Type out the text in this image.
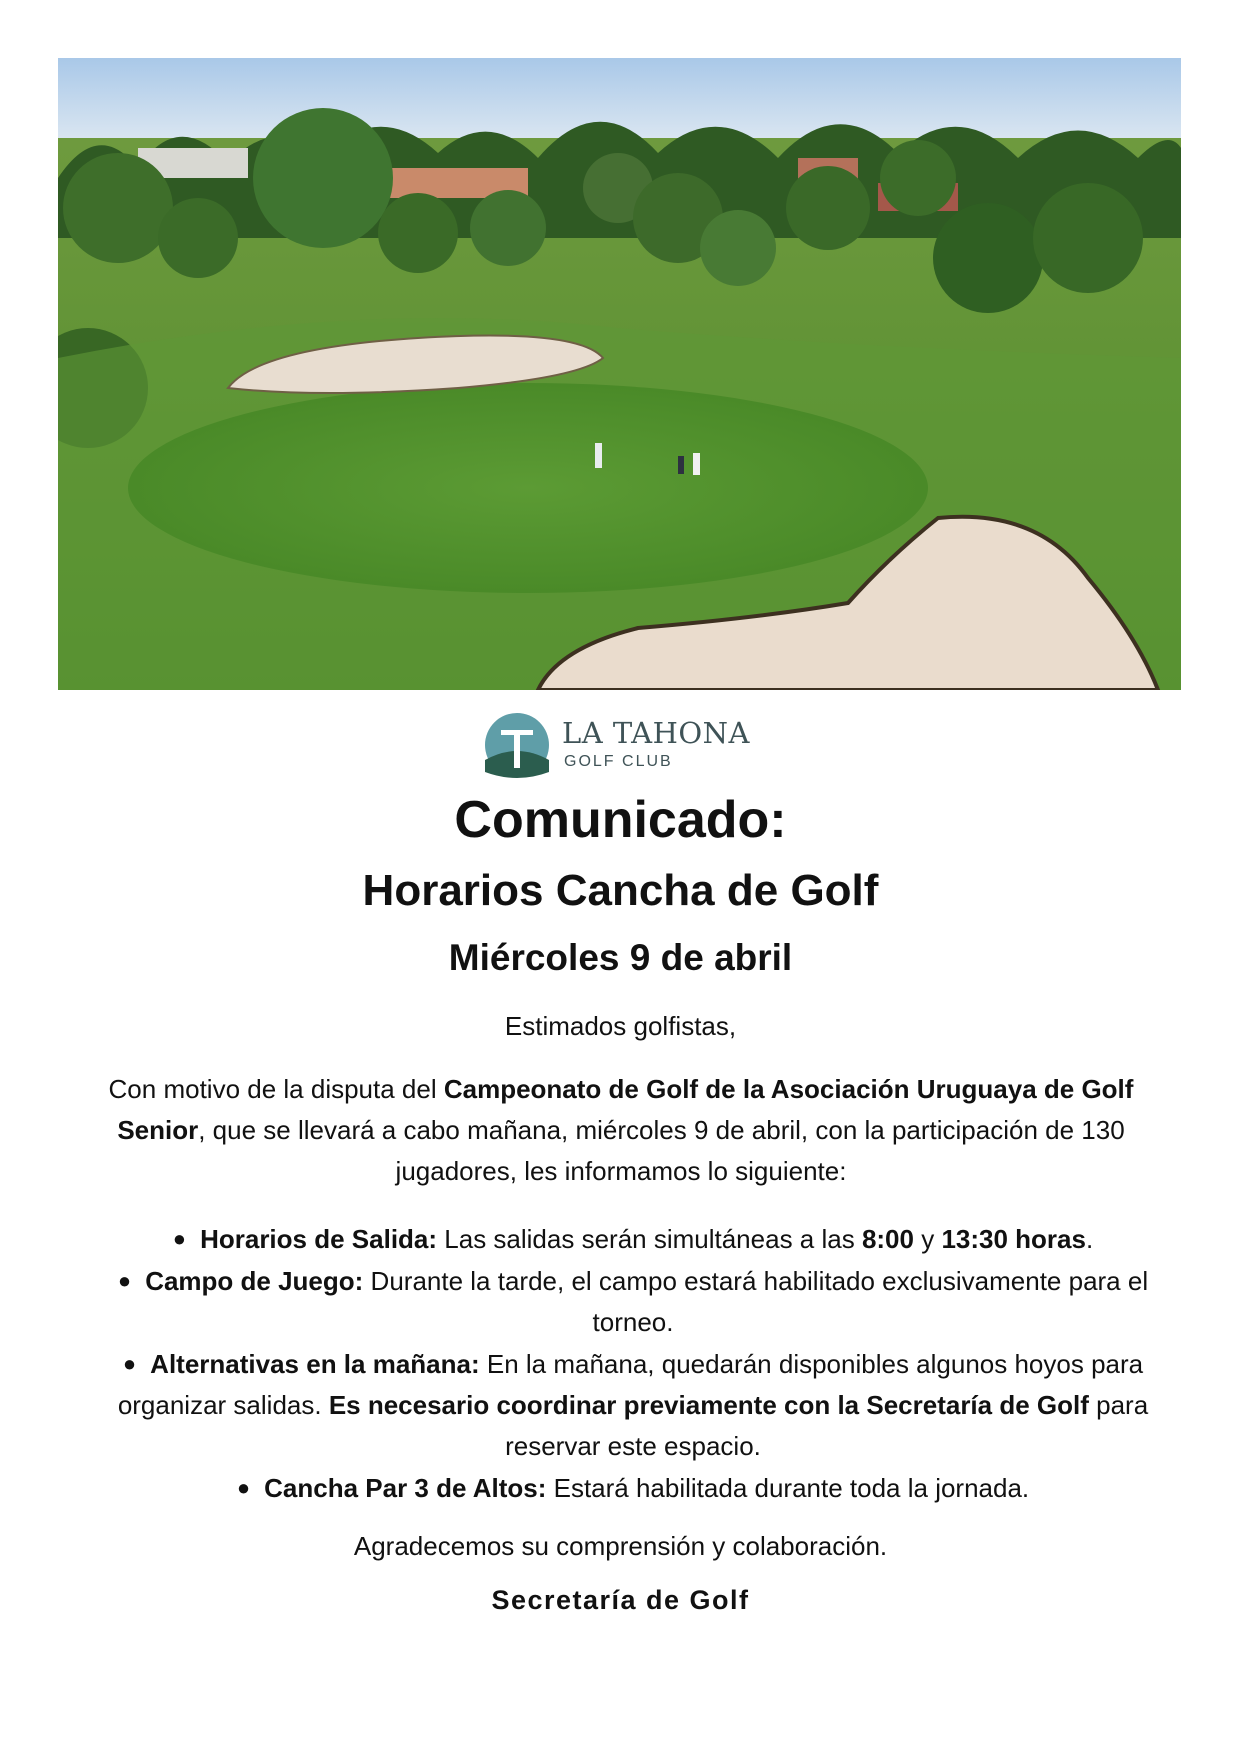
LA TAHONA
GOLF CLUB
Comunicado:
Horarios Cancha de Golf
Miércoles 9 de abril
Estimados golfistas,
Con motivo de la disputa del Campeonato de Golf de la Asociación Uruguaya de Golf Senior, que se llevará a cabo mañana, miércoles 9 de abril, con la participación de 130 jugadores, les informamos lo siguiente:
● Horarios de Salida: Las salidas serán simultáneas a las 8:00 y 13:30 horas.
● Campo de Juego: Durante la tarde, el campo estará habilitado exclusivamente para el torneo.
● Alternativas en la mañana: En la mañana, quedarán disponibles algunos hoyos para organizar salidas. Es necesario coordinar previamente con la Secretaría de Golf para reservar este espacio.
● Cancha Par 3 de Altos: Estará habilitada durante toda la jornada.
Agradecemos su comprensión y colaboración.
Secretaría de Golf
